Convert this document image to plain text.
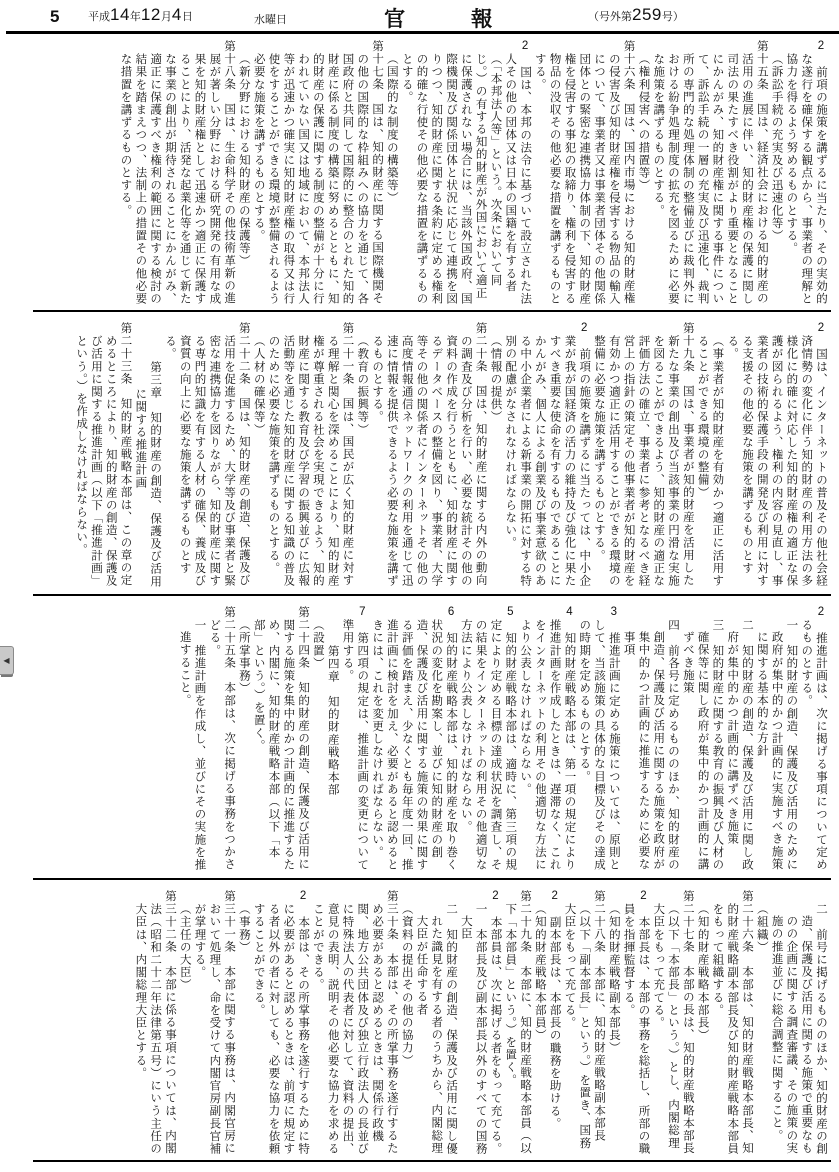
5	平成14年12月4日	水曜日	官	報	（号外第259号）

2　前項の施策を講ずるに当たり、その実効的な遂行を確保する観点から、事業者の理解と協力を得るよう努めるものとする。

（訴訟手続の充実及び迅速化等）

第十五条　国は、経済社会における知的財産の活用の進展に伴い、知的財産権の保護に関し司法の果たすべき役割がより重要となることにかんがみ、知的財産権に関する事件について、訴訟手続の一層の充実及び迅速化、裁判所の専門的な処理体制の整備並びに裁判外における紛争処理制度の拡充を図るために必要な施策を講ずるものとする。

（権利侵害への措置等）

第十六条　国は、国内市場における知的財産権の侵害及び知的財産権を侵害する物品の輸入について、事業者又は事業者団体その他関係団体との緊密な連携協力体制の下、知的財産権を侵害する事犯の取締り、権利を侵害する物品の没収その他必要な措置を講ずるものとする。

2　国は、本邦の法令に基づいて設立された法人その他の団体又は日本の国籍を有する者（「本邦法人等」という。次条において同じ。）の有する知的財産が外国において適正に保護されない場合には、当該外国政府、国際機関及び関係団体と状況に応じて連携を図りつつ、知的財産に関する条約に定める権利の的確な行使その他必要な措置を講ずるものとする。

（国際的な制度の構築等）

第十七条　国は、知的財産に関する国際機関その他の国際的な枠組みへの協力を通じて、各国政府と共同して国際的に整合のとれた知的財産に係る制度の構築に努めるとともに、知的財産の保護に関する制度の整備が十分に行われていない国又は地域において、本邦法人等が迅速かつ確実に知的財産権の取得又は行使をすることができる環境が整備されるよう必要な施策を講ずるものとする。

（新分野における知的財産の保護等）

第十八条　国は、生命科学その他技術革新の進展が著しい分野における研究開発の有用な成果を知的財産権として迅速かつ適正に保護することにより、活発な起業化等を通じて新たな事業の創出が期待されることにかんがみ、適正に保護すべき権利の範囲に関する検討の結果を踏まえつつ、法制上の措置その他必要な措置を講ずるものとする。

2　国は、インターネットの普及その他社会経済情勢の変化に伴う知的財産の利用方法の多様化に的確に対応した知的財産権の適正な保護が図られるよう、権利の内容の見直し、事業者の技術的保護手段の開発及び利用に対する支援その他必要な施策を講ずるものとする。

（事業者が知的財産を有効かつ適正に活用することができる環境の整備）

第十九条　国は、事業者が知的財産を活用した新たな事業の創出及び当該事業の円滑な実施を図ることができるよう、知的財産の適正な評価方法の確立、事業者に参考となるべき経営上の指針の策定その他事業者が知的財産を有効かつ適正に活用することができる環境の整備に必要な施策を講ずるものとする。

2　前項の施策を講ずるに当たっては、中小企業が我が国経済の活力の維持及び強化に果たすべき重要な使命を有するものであることにかんがみ、個人による創業及び事業意欲のある中小企業者による新事業の開拓に対する特別の配慮がなされなければならない。

（情報の提供）

第二十条　国は、知的財産に関する内外の動向の調査及び分析を行い、必要な統計その他の資料の作成を行うとともに、知的財産に関するデータベースの整備を図り、事業者、大学等その他の関係者にインターネットその他の高度情報通信ネットワークの利用を通じて迅速に情報を提供できるよう必要な施策を講ずるものとする。

（教育の振興等）

第二十一条　国は、国民が広く知的財産に対する理解と関心を深めることにより、知的財産権が尊重される社会を実現できるよう、知的財産に関する教育及び学習の振興並びに広報活動等を通じた知的財産に関する知識の普及のために必要な施策を講ずるものとする。

（人材の確保等）

第二十二条　国は、知的財産の創造、保護及び活用を促進するため、大学等及び事業者と緊密な連携協力を図りながら、知的財産に関する専門的知識を有する人材の確保、養成及び資質の向上に必要な施策を講ずるものとする。

第三章　知的財産の創造、保護及び活用に関する推進計画

第二十三条　知的財産戦略本部は、この章の定めるところにより、知的財産の創造、保護及び活用に関する推進計画（以下「推進計画」という。）を作成しなければならない。

2　推進計画は、次に掲げる事項について定めるものとする。

一　知的財産の創造、保護及び活用のために政府が集中的かつ計画的に実施すべき施策に関する基本的な方針

二　知的財産の創造、保護及び活用に関し政府が集中的かつ計画的に講ずべき施策

三　知的財産に関する教育の振興及び人材の確保等に関し政府が集中的かつ計画的に講ずべき施策

四　前各号に定めるもののほか、知的財産の創造、保護及び活用に関する施策を政府が集中的かつ計画的に推進するために必要な事項

3　推進計画に定める施策については、原則として、当該施策の具体的な目標及びその達成の時期を定めるものとする。

4　知的財産戦略本部は、第一項の規定により推進計画を作成したときは、遅滞なく、これをインターネットの利用その他適切な方法により公表しなければならない。

5　知的財産戦略本部は、適時に、第三項の規定により定める目標の達成状況を調査し、その結果をインターネットの利用その他適切な方法により公表しなければならない。

6　知的財産戦略本部は、知的財産を取り巻く状況の変化を勘案し、並びに知的財産の創造、保護及び活用に関する施策の効果に関する評価を踏まえ、少なくとも毎年度一回、推進計画に検討を加え、必要があると認めるときには、これを変更しなければならない。

7　第四項の規定は、推進計画の変更について準用する。

第四章　知的財産戦略本部

（設置）

第二十四条　知的財産の創造、保護及び活用に関する施策を集中的かつ計画的に推進するため、内閣に、知的財産戦略本部（以下「本部」という。）を置く。

（所掌事務）

第二十五条　本部は、次に掲げる事務をつかさどる。

一　推進計画を作成し、並びにその実施を推進すること。

二　前号に掲げるもののほか、知的財産の創造、保護及び活用に関する施策で重要なものの企画に関する調査審議、その施策の実施の推進並びに総合調整に関すること。

（組織）

第二十六条　本部は、知的財産戦略本部長、知的財産戦略副本部長及び知的財産戦略本部員をもって組織する。

（知的財産戦略本部長）

第二十七条　本部の長は、知的財産戦略本部長（以下「本部長」という。）とし、内閣総理大臣をもって充てる。

2　本部長は、本部の事務を総括し、所部の職員を指揮監督する。

（知的財産戦略副本部長）

第二十八条　本部に、知的財産戦略副本部長（以下「副本部長」という。）を置き、国務大臣をもって充てる。

2　副本部長は、本部長の職務を助ける。

（知的財産戦略本部員）

第二十九条　本部に、知的財産戦略本部員（以下「本部員」という。）を置く。

2　本部員は、次に掲げる者をもって充てる。

一　本部長及び副本部長以外のすべての国務大臣

二　知的財産の創造、保護及び活用に関し優れた識見を有する者のうちから、内閣総理大臣が任命する者

（資料の提出その他の協力）

第三十条　本部は、その所掌事務を遂行するため必要があると認めるときは、関係行政機関、地方公共団体及び独立行政法人の長並びに特殊法人の代表者に対して、資料の提出、意見の表明、説明その他必要な協力を求めることができる。

2　本部は、その所掌事務を遂行するために特に必要があると認めるときは、前項に規定する者以外の者に対しても、必要な協力を依頼することができる。

（事務）

第三十一条　本部に関する事務は、内閣官房において処理し、命を受けて内閣官房副長官補が掌理する。

（主任の大臣）

第三十二条　本部に係る事項については、内閣法（昭和二十二年法律第五号）にいう主任の大臣は、内閣総理大臣とする。

◀
